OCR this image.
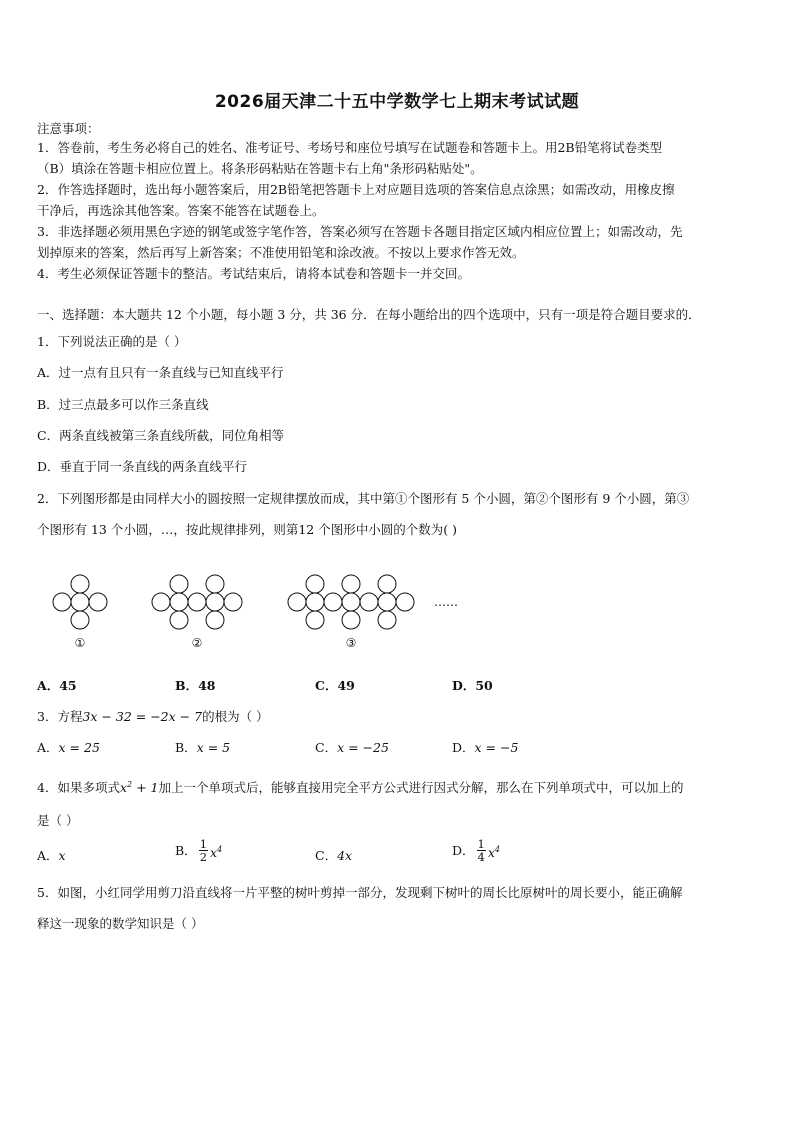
2026届天津二十五中学数学七上期末考试试题
注意事项：
1．答卷前，考生务必将自己的姓名、准考证号、考场号和座位号填写在试题卷和答题卡上。用2B铅笔将试卷类型
（B）填涂在答题卡相应位置上。将条形码粘贴在答题卡右上角"条形码粘贴处"。
2．作答选择题时，选出每小题答案后，用2B铅笔把答题卡上对应题目选项的答案信息点涂黑；如需改动，用橡皮擦
干净后，再选涂其他答案。答案不能答在试题卷上。
3．非选择题必须用黑色字迹的钢笔或签字笔作答，答案必须写在答题卡各题目指定区域内相应位置上；如需改动，先
划掉原来的答案，然后再写上新答案；不准使用铅笔和涂改液。不按以上要求作答无效。
4．考生必须保证答题卡的整洁。考试结束后，请将本试卷和答题卡一并交回。
一、选择题：本大题共 12 个小题，每小题 3 分，共 36 分．在每小题给出的四个选项中，只有一项是符合题目要求的．
1．下列说法正确的是（ ）
A．过一点有且只有一条直线与已知直线平行
B．过三点最多可以作三条直线
C．两条直线被第三条直线所截，同位角相等
D．垂直于同一条直线的两条直线平行
2．下列图形都是由同样大小的圆按照一定规律摆放而成，其中第①个图形有 5 个小圆，第②个图形有 9 个小圆，第③
个图形有 13 个小圆，…，按此规律排列，则第12 个图形中小圆的个数为( )
①	②	③
……
A．45	B．48	C．49	D．50
3．方程3x − 32 = −2x − 7的根为（ ）
A．x = 25	B．x = 5	C．x = −25	D．x = −5
4．如果多项式$x^2 + 1$加上一个单项式后，能够直接用完全平方公式进行因式分解，那么在下列单项式中，可以加上的
是（ ）
A．x	B． $\frac{1}{2} x^4$	C．4x	D． $\frac{1}{4} x^4$
5．如图，小红同学用剪刀沿直线将一片平整的树叶剪掉一部分，发现剩下树叶的周长比原树叶的周长要小，能正确解
释这一现象的数学知识是（ ）
